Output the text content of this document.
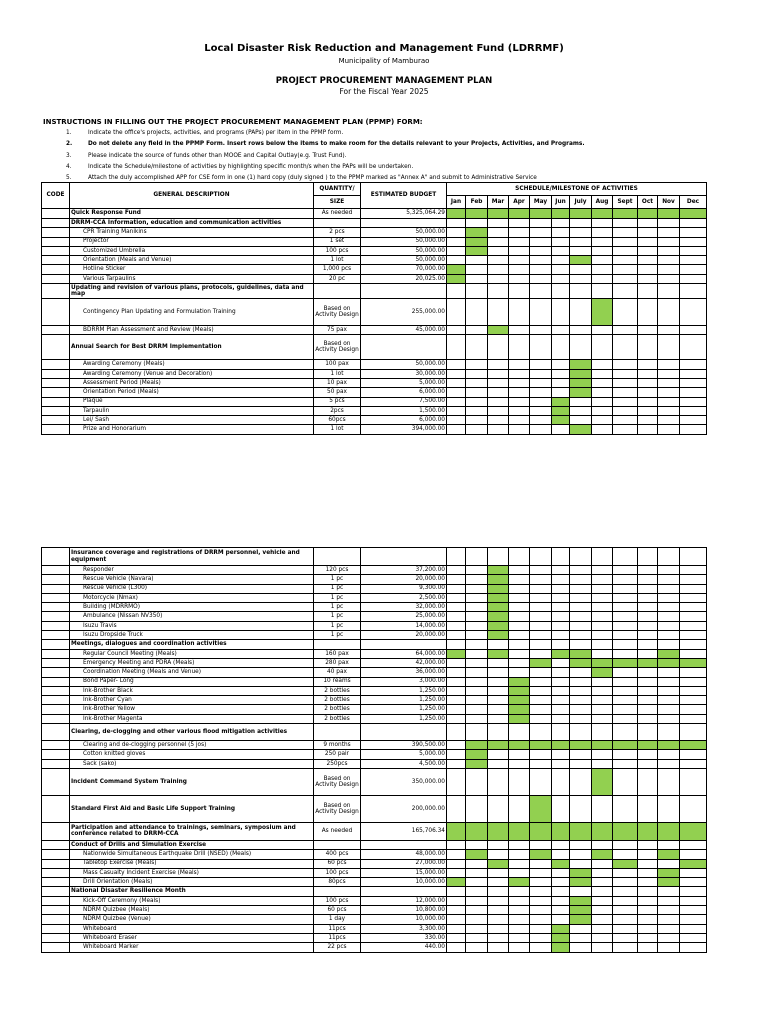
Local Disaster Risk Reduction and Management Fund (LDRRMF)
Municipality of Mamburao
PROJECT PROCUREMENT MANAGEMENT PLAN
For the Fiscal Year 2025
INSTRUCTIONS IN FILLING OUT THE PROJECT PROCUREMENT MANAGEMENT PLAN (PPMP) FORM:
1.	Indicate the office's projects, activities, and programs (PAPs) per item in the PPMP form.
2.	Do not delete any field in the PPMP Form. Insert rows below the items to make room for the details relevant to your Projects, Activities, and Programs.
3.	Please indicate the source of funds other than MOOE and Capital Outlay(e.g. Trust Fund).
4.	Indicate the Schedule/milestone of activities by highlighting specific month/s when the PAPs will be undertaken.
5.	Attach the duly accomplished APP for CSE form in one (1) hard copy (duly signed ) to the PPMP marked as "Annex A" and submit to Administrative Service
CODE	GENERAL DESCRIPTION	QUANTITY/	ESTIMATED BUDGET	SCHEDULE/MILESTONE OF ACTIVITIES											
		SIZE		Jan	Feb	Mar	Apr	May	Jun	July	Aug	Sept	Oct	Nov	Dec
	Quick Response Fund	As needed	5,325,064.29												
	DRRM-CCA Information, education and communication activities														
	CPR Training Manikins	2 pcs	50,000.00												
	Projector	1 set	50,000.00												
	Customized Umbrella	100 pcs	50,000.00												
	Orientation (Meals and Venue)	1 lot	50,000.00												
	Hotline Sticker	1,000 pcs	70,000.00												
	Various Tarpaulins	20 pc	20,025.00												
	Updating and revision of various plans, protocols, guidelines, data and map														
	Contingency Plan Updating and Formulation Training	Based on Activity Design	255,000.00												
	BDRRM Plan Assessment and Review (Meals)	75 pax	45,000.00												
	Annual Search for Best DRRM Implementation	Based on Activity Design													
	Awarding Ceremony (Meals)	100 pax	50,000.00												
	Awarding Ceremony (Venue and Decoration)	1 lot	30,000.00												
	Assessment Period (Meals)	10 pax	5,000.00												
	Orientation Period (Meals)	50 pax	6,000.00												
	Plaque	5 pcs	7,500.00												
	Tarpaulin	2pcs	1,500.00												
	Lei/ Sash	60pcs	6,000.00												
	Prize and Honorarium	1 lot	394,000.00												
	Insurance coverage and registrations of DRRM personnel, vehicle and equipment														
	Responder	120 pcs	37,200.00												
	Rescue Vehicle (Navara)	1 pc	20,000.00												
	Rescue Vehicle (L300)	1 pc	9,300.00												
	Motorcycle (Nmax)	1 pc	2,500.00												
	Building (MDRRMO)	1 pc	32,000.00												
	Ambulance (Nissan NV350)	1 pc	25,000.00												
	Isuzu Travis	1 pc	14,000.00												
	Isuzu Dropside Truck	1 pc	20,000.00												
	Meetings, dialogues and coordination activities														
	Regular Council Meeting (Meals)	160 pax	64,000.00												
	Emergency Meeting and PDRA (Meals)	280 pax	42,000.00												
	Coordination Meeting (Meals and Venue)	40 pax	36,000.00												
	Bond Paper- Long	10 reams	3,000.00												
	Ink-Brother Black	2 bottles	1,250.00												
	Ink-Brother Cyan	2 bottles	1,250.00												
	Ink-Brother Yellow	2 bottles	1,250.00												
	Ink-Brother Magenta	2 bottles	1,250.00												
	Clearing, de-clogging and other various flood mitigation activities														
	Clearing and de-clogging personnel (5 jos)	9 months	390,500.00												
	Cotton knitted gloves	250 pair	5,000.00												
	Sack (sako)	250pcs	4,500.00												
	Incident Command System Training	Based on Activity Design	350,000.00												
	Standard First Aid and Basic Life Support Training	Based on Activity Design	200,000.00												
	Participation and attendance to trainings, seminars, symposium and conference related to DRRM-CCA	As needed	165,706.34												
	Conduct of Drills and Simulation Exercise														
	Nationwide Simultaneous Earthquake Drill (NSED) (Meals)	400 pcs	48,000.00												
	Tabletop Exercise (Meals)	60 pcs	27,000.00												
	Mass Casualty Incident Exercise (Meals)	100 pcs	15,000.00												
	Drill Orientation (Meals)	80pcs	10,000.00												
	National Disaster Resilience Month														
	Kick-Off Ceremony (Meals)	100 pcs	12,000.00												
	NDRM Quizbee (Meals)	60 pcs	10,800.00												
	NDRM Quizbee (Venue)	1 day	10,000.00												
	Whiteboard	11pcs	3,300.00												
	Whiteboard Eraser	11pcs	330.00												
	Whiteboard Marker	22 pcs	440.00												
